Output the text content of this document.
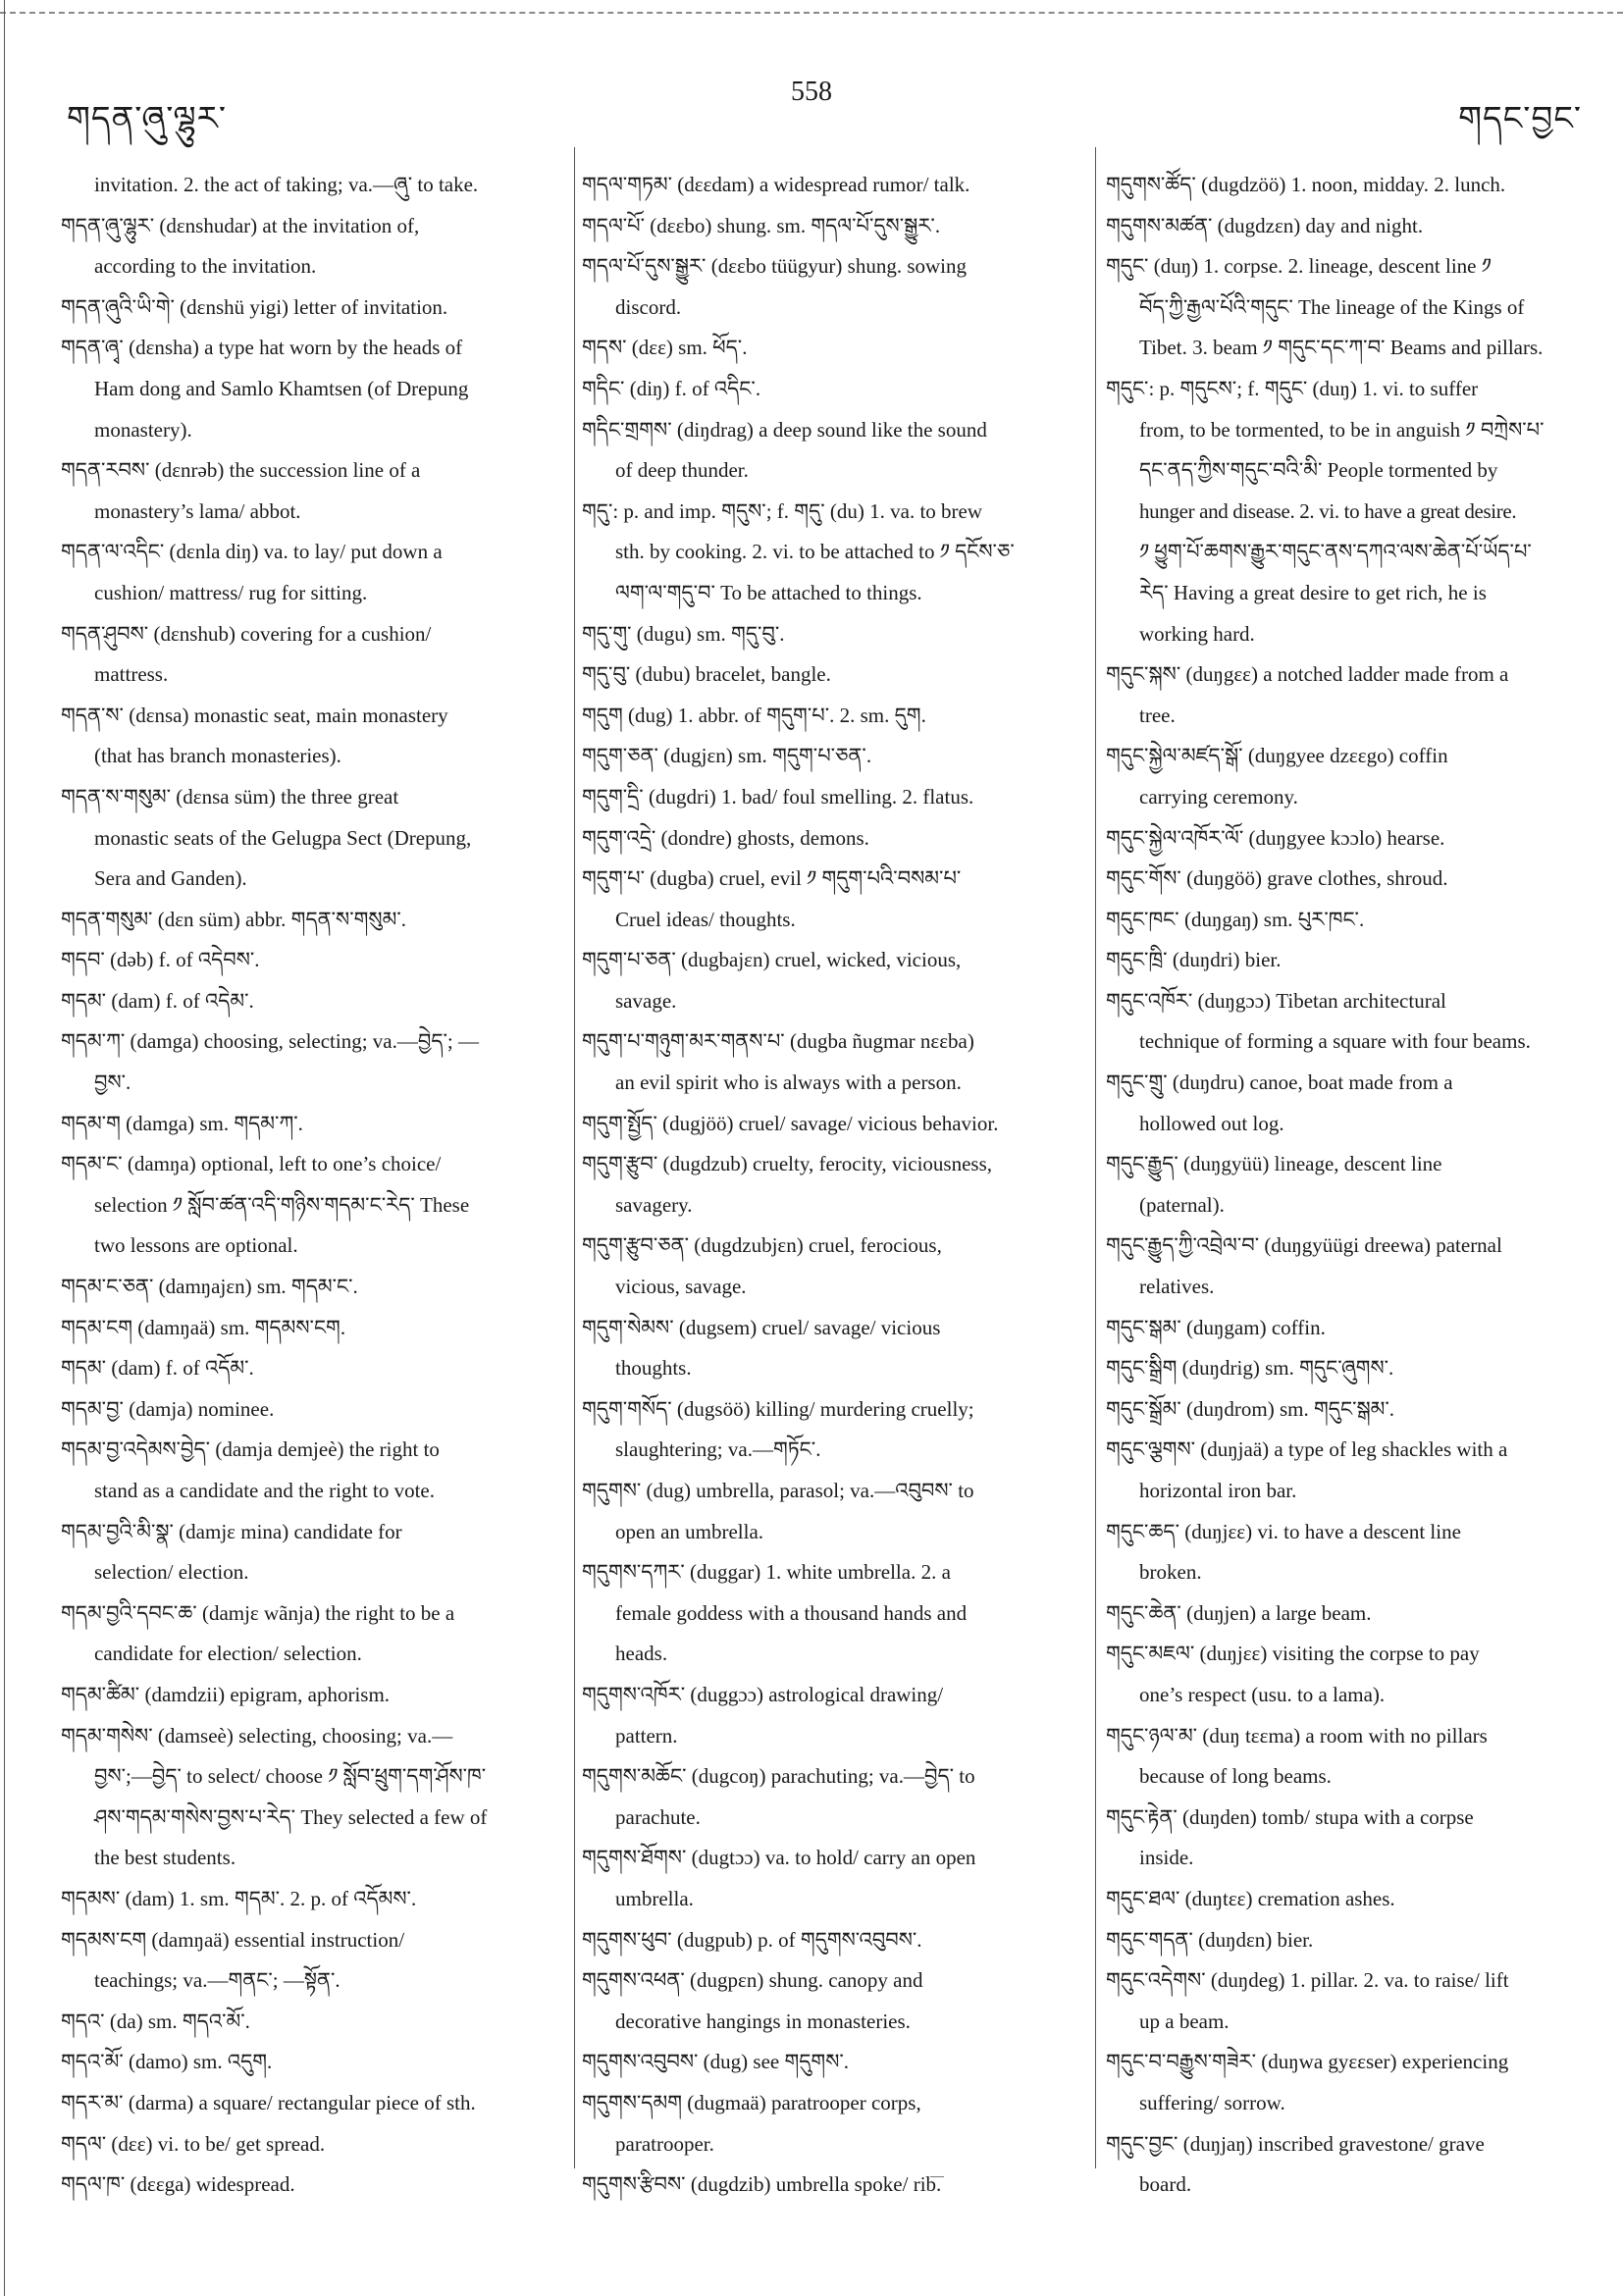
གདན་ཞུ་ལྷུར་
558
གདང་བྱང་
invitation. 2. the act of taking; va.—ཞུ་ to take.
གདན་ཞུ་ལྷུར་ (dɛnshudar) at the invitation of,
according to the invitation.
གདན་ཞུའི་ཡི་གེ་ (dɛnshü yigi) letter of invitation.
གདན་ཞྭ་ (dɛnsha) a type hat worn by the heads of
Ham dong and Samlo Khamtsen (of Drepung
monastery).
གདན་རབས་ (dɛnrəb) the succession line of a
monastery’s lama/ abbot.
གདན་ལ་འདིང་ (dɛnla diŋ) va. to lay/ put down a
cushion/ mattress/ rug for sitting.
གདན་ཤུབས་ (dɛnshub) covering for a cushion/
mattress.
གདན་ས་ (dɛnsa) monastic seat, main monastery
(that has branch monasteries).
གདན་ས་གསུམ་ (dɛnsa süm) the three great
monastic seats of the Gelugpa Sect (Drepung,
Sera and Ganden).
གདན་གསུམ་ (dɛn süm) abbr. གདན་ས་གསུམ་.
གདབ་ (dəb) f. of འདེབས་.
གདམ་ (dam) f. of འདེམ་.
གདམ་ཀ་ (damga) choosing, selecting; va.—བྱེད་; —
བྱས་.
གདམ་ག (damga) sm. གདམ་ཀ་.
གདམ་ང་ (damŋa) optional, left to one’s choice/
selection ༡ སློབ་ཚན་འདི་གཉིས་གདམ་ང་རེད་ These
two lessons are optional.
གདམ་ང་ཅན་ (damŋajɛn) sm. གདམ་ང་.
གདམ་ངག (damŋaä) sm. གདམས་ངག.
གདམ་ (dam) f. of འདོམ་.
གདམ་བྱ་ (damja) nominee.
གདམ་བྱ་འདེམས་བྱེད་ (damja demjeè) the right to
stand as a candidate and the right to vote.
གདམ་བྱའི་མི་སྣ་ (damjɛ mina) candidate for
selection/ election.
གདམ་བྱའི་དབང་ཆ་ (damjɛ wãnja) the right to be a
candidate for election/ selection.
གདམ་ཚིམ་ (damdzii) epigram, aphorism.
གདམ་གསེས་ (damseè) selecting, choosing; va.—
བྱས་;—བྱེད་ to select/ choose ༡ སློབ་ཕྲུག་དག་ཤོས་ཁ་
ཤས་གདམ་གསེས་བྱས་པ་རེད་ They selected a few of
the best students.
གདམས་ (dam) 1. sm. གདམ་. 2. p. of འདོམས་.
གདམས་ངག (damŋaä) essential instruction/
teachings; va.—གནང་; —སྟོན་.
གདའ་ (da) sm. གདའ་མོ་.
གདའ་མོ་ (damo) sm. འདུག.
གདར་མ་ (darma) a square/ rectangular piece of sth.
གདལ་ (dɛɛ) vi. to be/ get spread.
གདལ་ཁ་ (dɛɛga) widespread.
གདལ་གཏམ་ (dɛɛdam) a widespread rumor/ talk.
གདལ་པོ་ (dɛɛbo) shung. sm. གདལ་པོ་དུས་སྒྱུར་.
གདལ་པོ་དུས་སྒྱུར་ (dɛɛbo tüügyur) shung. sowing
discord.
གདས་ (dɛɛ) sm. ཕོད་.
གདིང་ (diŋ) f. of འདིང་.
གདིང་གྲགས་ (diŋdrag) a deep sound like the sound
of deep thunder.
གདུ་: p. and imp. གདུས་; f. གདུ་ (du) 1. va. to brew
sth. by cooking. 2. vi. to be attached to ༡ དངོས་ཅ་
ལག་ལ་གདུ་བ་ To be attached to things.
གདུ་གུ་ (dugu) sm. གདུ་བུ་.
གདུ་བུ་ (dubu) bracelet, bangle.
གདུག (dug) 1. abbr. of གདུག་པ་. 2. sm. དུག.
གདུག་ཅན་ (dugjɛn) sm. གདུག་པ་ཅན་.
གདུག་དྲི་ (dugdri) 1. bad/ foul smelling. 2. flatus.
གདུག་འདྲེ་ (dondre) ghosts, demons.
གདུག་པ་ (dugba) cruel, evil ༡ གདུག་པའི་བསམ་པ་
Cruel ideas/ thoughts.
གདུག་པ་ཅན་ (dugbajɛn) cruel, wicked, vicious,
savage.
གདུག་པ་གཉུག་མར་གནས་པ་ (dugba ñugmar nɛɛba)
an evil spirit who is always with a person.
གདུག་སྤྱོད་ (dugjöö) cruel/ savage/ vicious behavior.
གདུག་རྩུབ་ (dugdzub) cruelty, ferocity, viciousness,
savagery.
གདུག་རྩུབ་ཅན་ (dugdzubjɛn) cruel, ferocious,
vicious, savage.
གདུག་སེམས་ (dugsem) cruel/ savage/ vicious
thoughts.
གདུག་གསོད་ (dugsöö) killing/ murdering cruelly;
slaughtering; va.—གཏོང་.
གདུགས་ (dug) umbrella, parasol; va.—འབུབས་ to
open an umbrella.
གདུགས་དཀར་ (duggar) 1. white umbrella. 2. a
female goddess with a thousand hands and
heads.
གདུགས་འཁོར་ (duggɔɔ) astrological drawing/
pattern.
གདུགས་མཆོང་ (dugcoŋ) parachuting; va.—བྱེད་ to
parachute.
གདུགས་ཐོགས་ (dugtɔɔ) va. to hold/ carry an open
umbrella.
གདུགས་ཕུབ་ (dugpub) p. of གདུགས་འབུབས་.
གདུགས་འཕན་ (dugpɛn) shung. canopy and
decorative hangings in monasteries.
གདུགས་འབུབས་ (dug) see གདུགས་.
གདུགས་དམག (dugmaä) paratrooper corps,
paratrooper.
གདུགས་རྩིབས་ (dugdzib) umbrella spoke/ rib.
གདུགས་ཚོད་ (dugdzöö) 1. noon, midday. 2. lunch.
གདུགས་མཚན་ (dugdzɛn) day and night.
གདུང་ (duŋ) 1. corpse. 2. lineage, descent line ༡
བོད་ཀྱི་རྒྱལ་པོའི་གདུང་ The lineage of the Kings of
Tibet. 3. beam ༡ གདུང་དང་ཀ་བ་ Beams and pillars.
གདུང་: p. གདུངས་; f. གདུང་ (duŋ) 1. vi. to suffer
from, to be tormented, to be in anguish ༡ བཀྲེས་པ་
དང་ནད་ཀྱིས་གདུང་བའི་མི་ People tormented by
hunger and disease. 2. vi. to have a great desire.
༡ ཕྱུག་པོ་ཆགས་རྒྱུར་གདུང་ནས་དཀའ་ལས་ཆེན་པོ་ཡོད་པ་
རེད་ Having a great desire to get rich, he is
working hard.
གདུང་སྐས་ (duŋgɛɛ) a notched ladder made from a
tree.
གདུང་སྐྱེལ་མཛད་སྒོ་ (duŋgyee dzɛɛgo) coffin
carrying ceremony.
གདུང་སྐྱེལ་འཁོར་ལོ་ (duŋgyee kɔɔlo) hearse.
གདུང་གོས་ (duŋgöö) grave clothes, shroud.
གདུང་ཁང་ (duŋgaŋ) sm. པུར་ཁང་.
གདུང་ཁྲི་ (duŋdri) bier.
གདུང་འཁོར་ (duŋgɔɔ) Tibetan architectural
technique of forming a square with four beams.
གདུང་གྲུ་ (duŋdru) canoe, boat made from a
hollowed out log.
གདུང་རྒྱུད་ (duŋgyüü) lineage, descent line
(paternal).
གདུང་རྒྱུད་ཀྱི་འབྲེལ་བ་ (duŋgyüügi dreewa) paternal
relatives.
གདུང་སྒམ་ (duŋgam) coffin.
གདུང་སྒྲིག (duŋdrig) sm. གདུང་ཞུགས་.
གདུང་སྒྲོམ་ (duŋdrom) sm. གདུང་སྒམ་.
གདུང་ལྕགས་ (duŋjaä) a type of leg shackles with a
horizontal iron bar.
གདུང་ཆད་ (duŋjɛɛ) vi. to have a descent line
broken.
གདུང་ཆེན་ (duŋjen) a large beam.
གདུང་མཇལ་ (duŋjɛɛ) visiting the corpse to pay
one’s respect (usu. to a lama).
གདུང་ཉལ་མ་ (duŋ tɛɛma) a room with no pillars
because of long beams.
གདུང་རྟེན་ (duŋden) tomb/ stupa with a corpse
inside.
གདུང་ཐལ་ (duŋtɛɛ) cremation ashes.
གདུང་གདན་ (duŋdɛn) bier.
གདུང་འདེགས་ (duŋdeg) 1. pillar. 2. va. to raise/ lift
up a beam.
གདུང་བ་བརྒྱུས་གཟེར་ (duŋwa gyɛɛser) experiencing
suffering/ sorrow.
གདུང་བྱང་ (duŋjaŋ) inscribed gravestone/ grave
board.
